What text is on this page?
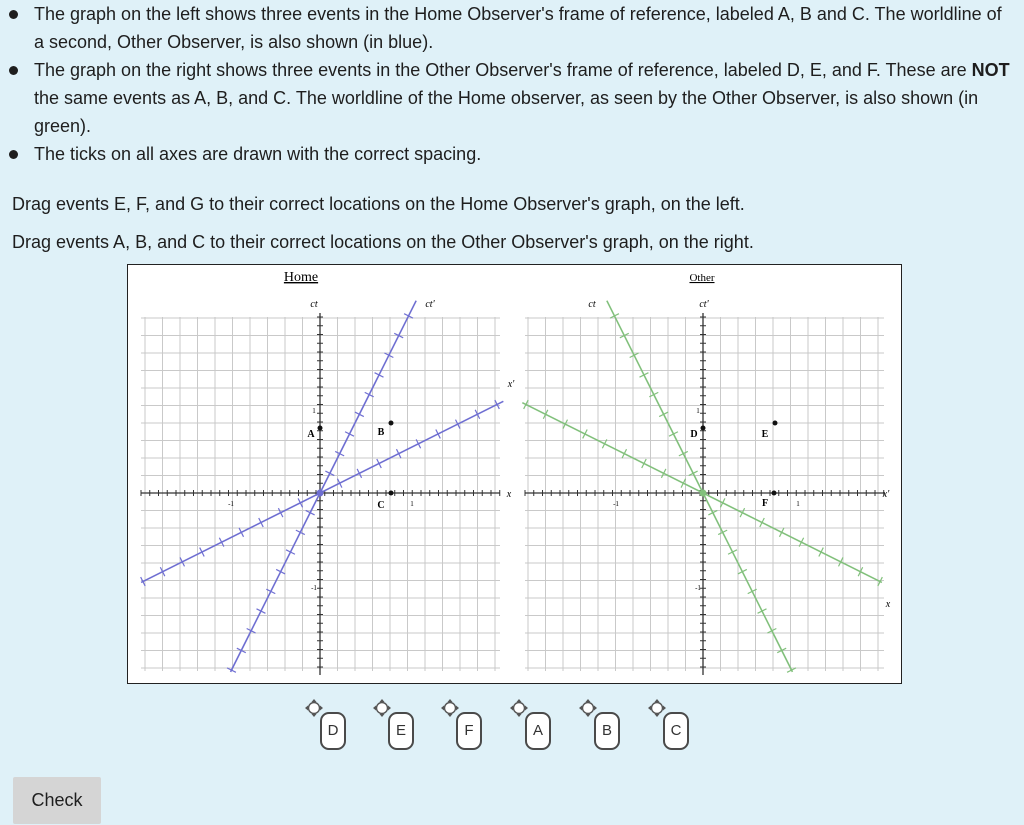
The graph on the left shows three events in the Home Observer's frame of reference, labeled A, B and C. The worldline of a second, Other Observer, is also shown (in blue).
The graph on the right shows three events in the Other Observer's frame of reference, labeled D, E, and F. These are NOT the same events as A, B, and C. The worldline of the Home observer, as seen by the Other Observer, is also shown (in green).
The ticks on all axes are drawn with the correct spacing.
Drag events E, F, and G to their correct locations on the Home Observer's graph, on the left.
Drag events A, B, and C to their correct locations on the Other Observer's graph, on the right.
Home
ct	ct'
x'
x
1
-1
-1	1
A	B
C
Other
ct	ct'
x'
x
1
-1
-1	1
D	E
F
D	E	F	A	B	C
Check
